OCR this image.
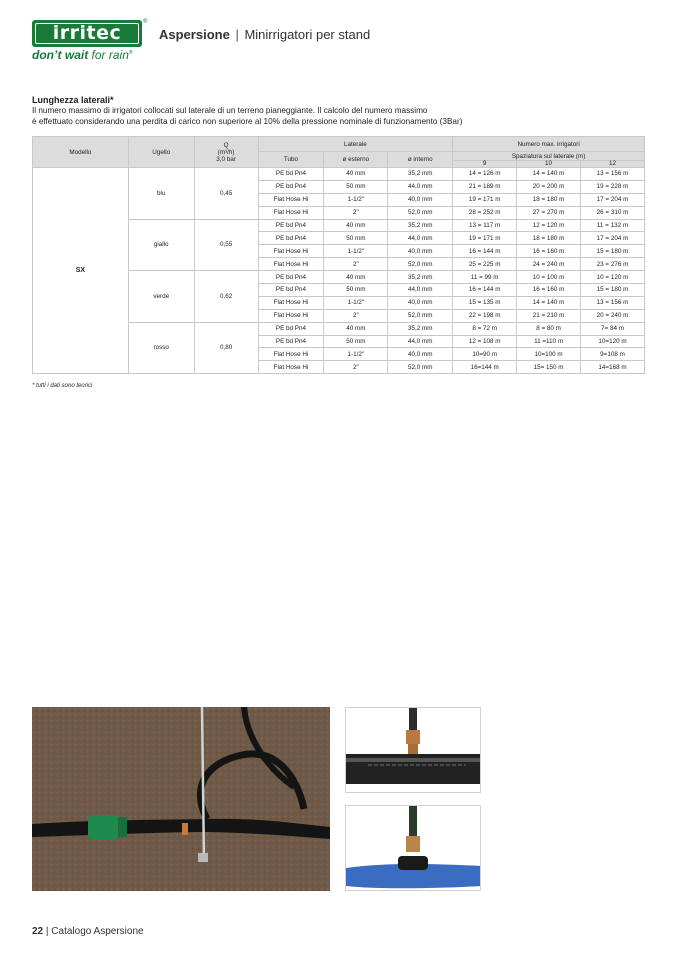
irritec	®
don’t wait for rain®
Aspersione | Minirrigatori per stand
Lunghezza laterali*
Il numero massimo di irrigatori collocati sul laterale di un terreno pianeggiante. Il calcolo del numero massimo
è effettuato considerando una perdita di carico non superiore al 10% della pressione nominale di funzionamento (3Bar)
Modello	Ugello	Q
(m³/h)
3,0 bar	Laterale			Numero max. irrigatori		
			Tubo	ø esterno	ø interno	Spaziatura sul laterale (m)		
						9	10	12
SX	blu	0,45	PE bd Pn4	40 mm	35,2 mm	14 = 126 m	14 = 140 m	13 = 156 m
			PE bd Pn4	50 mm	44,0 mm	21 = 189 m	20 = 200 m	19 = 228 m
			Flat Hose Hi	1-1/2"	40,0 mm	19 = 171 m	18 = 180 m	17 = 204 m
			Flat Hose Hi	2"	52,0 mm	28 = 252 m	27 = 270 m	26 = 310 m
	giallo	0,55	PE bd Pn4	40 mm	35,2 mm	13 = 117 m	12 = 120 m	11 = 132 m
			PE bd Pn4	50 mm	44,0 mm	19 = 171 m	18 = 180 m	17 = 204 m
			Flat Hose Hi	1-1/2"	40,0 mm	16 = 144 m	16 = 160 m	15 = 180 m
			Flat Hose Hi	2"	52,0 mm	25 = 225 m	24 = 240 m	23 = 276 m
	verde	0,62	PE bd Pn4	40 mm	35,2 mm	11 = 99 m	10 = 100 m	10 = 120 m
			PE bd Pn4	50 mm	44,0 mm	16 = 144 m	16 = 160 m	15 = 180 m
			Flat Hose Hi	1-1/2"	40,0 mm	15 = 135 m	14 = 140 m	13 = 156 m
			Flat Hose Hi	2"	52,0 mm	22 = 198 m	21 = 210 m	20 = 240 m
	rosso	0,80	PE bd Pn4	40 mm	35,2 mm	8 = 72 m	8 = 80 m	7= 84 m
			PE bd Pn4	50 mm	44,0 mm	12 = 108 m	11 =110 m	10=120 m
			Flat Hose Hi	1-1/2"	40,0 mm	10=90 m	10=100 m	9=108 m
			Flat Hose Hi	2"	52,0 mm	16=144 m	15= 150 m	14=168 m
* tutti i dati sono teorici
22 | Catalogo Aspersione
